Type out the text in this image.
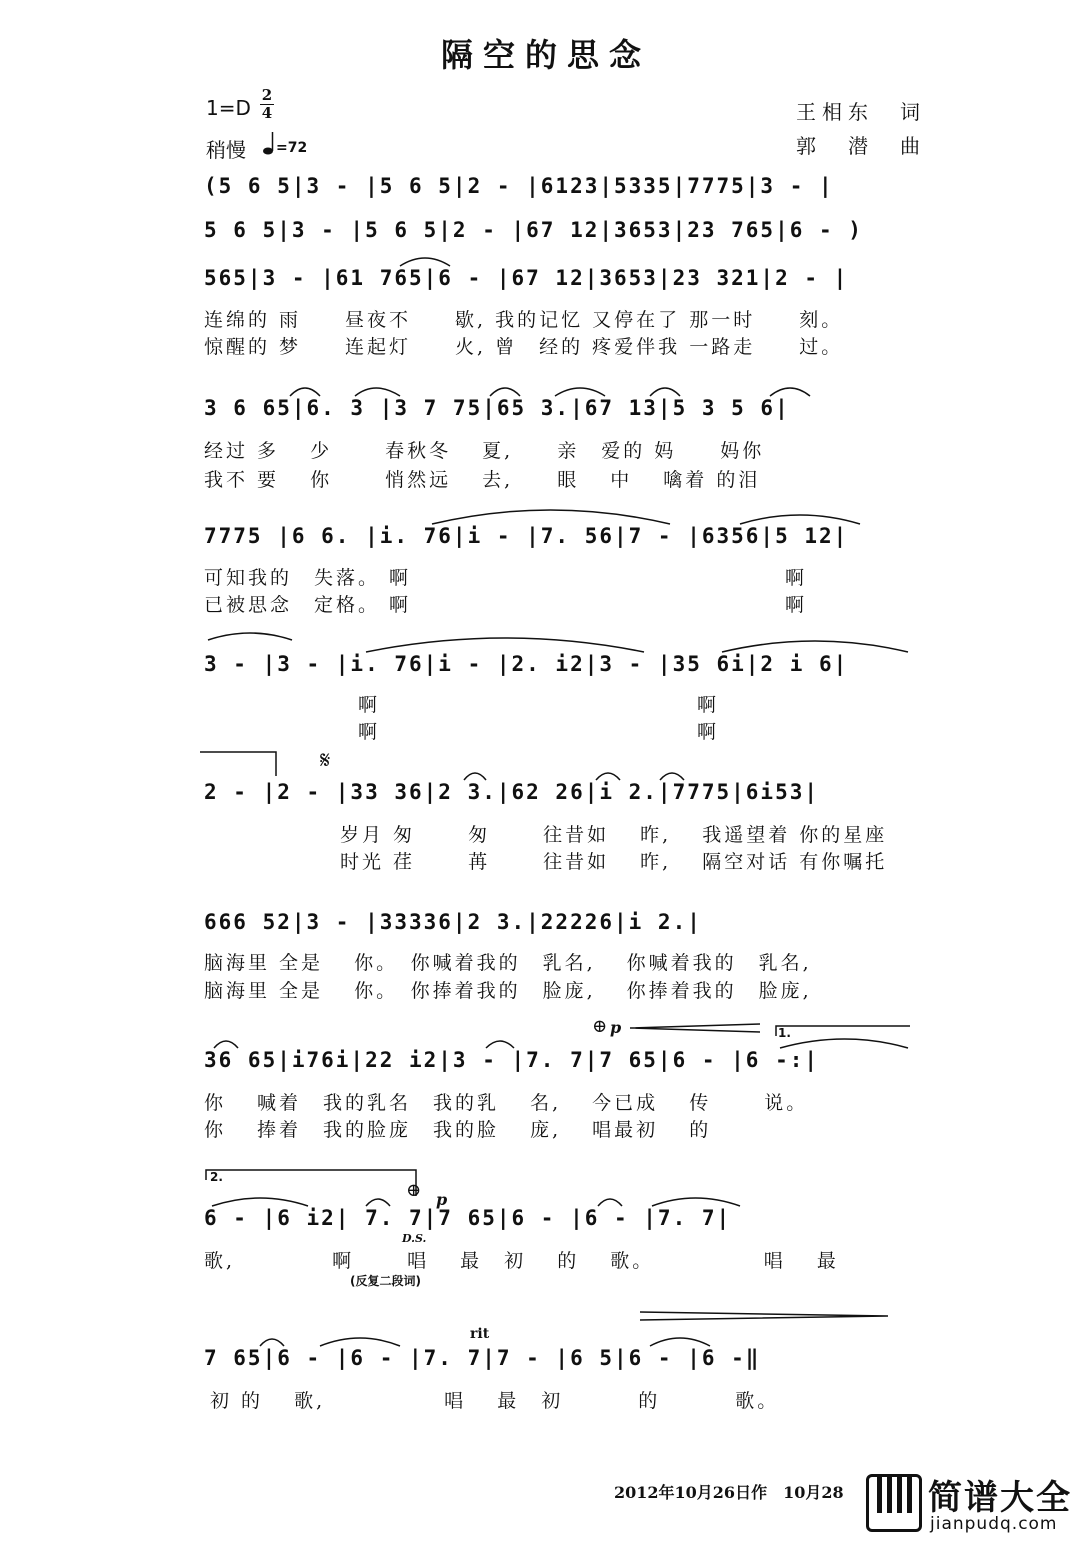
隔空的思念
1=D
2
4
稍慢 =72
王相东　词
郭　潜　曲
(5 6 5|3 - |5 6 5|2 - |6123|5335|7775|3 - |
5 6 5|3 - |5 6 5|2 - |67 12|3653|23 765|6 - )
565|3 - |61 765|6 - |67 12|3653|23 321|2 - |
连绵的 雨　　昼夜不　　歇, 我的记忆 又停在了 那一时　　刻。
惊醒的 梦　　连起灯　　火, 曾　经的 疼爱伴我 一路走　　过。
3 6 65|6. 3 |3 7 75|65 3.|67 13|5 3 5 6|
经过 多　 少　　 春秋冬　 夏,　　亲　爱的 妈　　妈你
我不 要　 你　　 悄然远　 去,　　眼　 中　 噙着 的泪
7775 |6 6. |i. 76|i - |7. 56|7 - |6356|5 12|
可知我的　失落。 啊　　　　　　　　　　　　　　　　　啊
已被思念　定格。 啊　　　　　　　　　　　　　　　　　啊
3 - |3 - |i. 76|i - |2. i2|3 - |35 6i|2 i 6|
啊　　　　　　　　　　　　　　 啊
啊　　　　　　　　　　　　　　 啊
𝄋
2 - |2 - |33 36|2 3.|62 26|i 2.|7775|6i53|
岁月 匆　　 匆　　 往昔如　 昨,　 我遥望着 你的星座
时光 荏　　 苒　　 往昔如　 昨,　 隔空对话 有你嘱托
666 52|3 - |33336|2 3.|22226|i 2.|
脑海里 全是　 你。　你喊着我的　乳名,　 你喊着我的　乳名,
脑海里 全是　 你。　你捧着我的　脸庞,　 你捧着我的　脸庞,
⊕ p	1.
36 65|i76i|22 i2|3 - |7. 7|7 65|6 - |6 -:|
你　 喊着　我的乳名　我的乳　 名,　 今已成　 传　　 说。
你　 捧着　我的脸庞　我的脸　 庞,　 唱最初　 的
2.
⊕ p
6 - |6 i2| 7. 7|7 65|6 - |6 - |7. 7|
D.S.
歌,　　　　 啊　　 唱　 最　初　 的　 歌。　　　　　 唱　 最
(反复二段词)
rit
7 65|6 - |6 - |7. 7|7 - |6 5|6 - |6 -‖
初 的　 歌,　　　　　 唱　 最　初　　　 的　　　 歌。
2012年10月26日作　10月28 简谱大全
jianpudq.com
